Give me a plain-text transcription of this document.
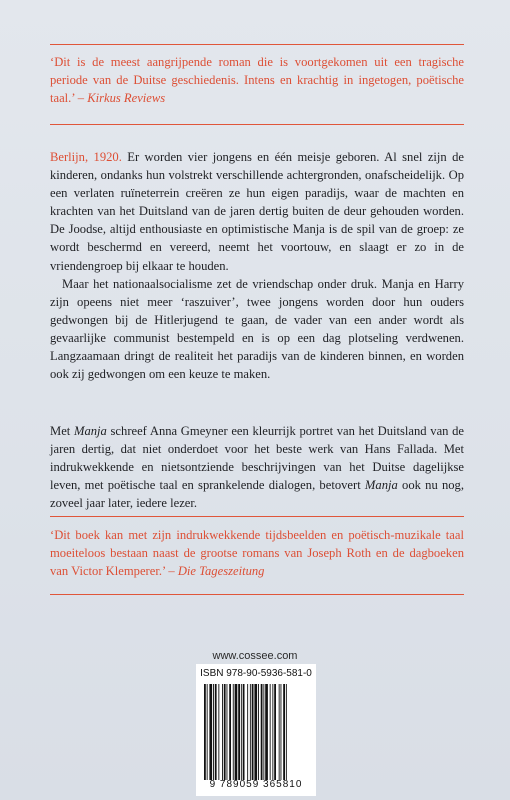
‘Dit is de meest aangrijpende roman die is voortgekomen uit een tragische periode van de Duitse geschiedenis. Intens en krachtig in ingetogen, poëtische taal.’ – Kirkus Reviews

Berlijn, 1920. Er worden vier jongens en één meisje geboren. Al snel zijn de kinderen, ondanks hun volstrekt verschillende achtergronden, onafscheidelijk. Op een verlaten ruïneterrein creëren ze hun eigen paradijs, waar de machten en krachten van het Duitsland van de jaren dertig buiten de deur gehouden worden. De Joodse, altijd enthousiaste en optimistische Manja is de spil van de groep: ze wordt beschermd en vereerd, neemt het voortouw, en slaagt er zo in de vriendengroep bij elkaar te houden.

Maar het nationaalsocialisme zet de vriendschap onder druk. Manja en Harry zijn opeens niet meer ‘raszuiver’, twee jongens worden door hun ouders gedwongen bij de Hitlerjugend te gaan, de vader van een ander wordt als gevaarlijke communist bestempeld en is op een dag plotseling verdwenen. Langzaamaan dringt de realiteit het paradijs van de kinderen binnen, en worden ook zij gedwongen om een keuze te maken.

Met Manja schreef Anna Gmeyner een kleurrijk portret van het Duitsland van de jaren dertig, dat niet onderdoet voor het beste werk van Hans Fallada. Met indrukwekkende en nietsontziende beschrijvingen van het Duitse dagelijkse leven, met poëtische taal en sprankelende dialogen, betovert Manja ook nu nog, zoveel jaar later, iedere lezer.

‘Dit boek kan met zijn indrukwekkende tijdsbeelden en poëtisch-muzikale taal moeiteloos bestaan naast de grootse romans van Joseph Roth en de dagboeken van Victor Klemperer.’ – Die Tageszeitung
www.cossee.com
ISBN 978-90-5936-581-0
9 789059 365810
